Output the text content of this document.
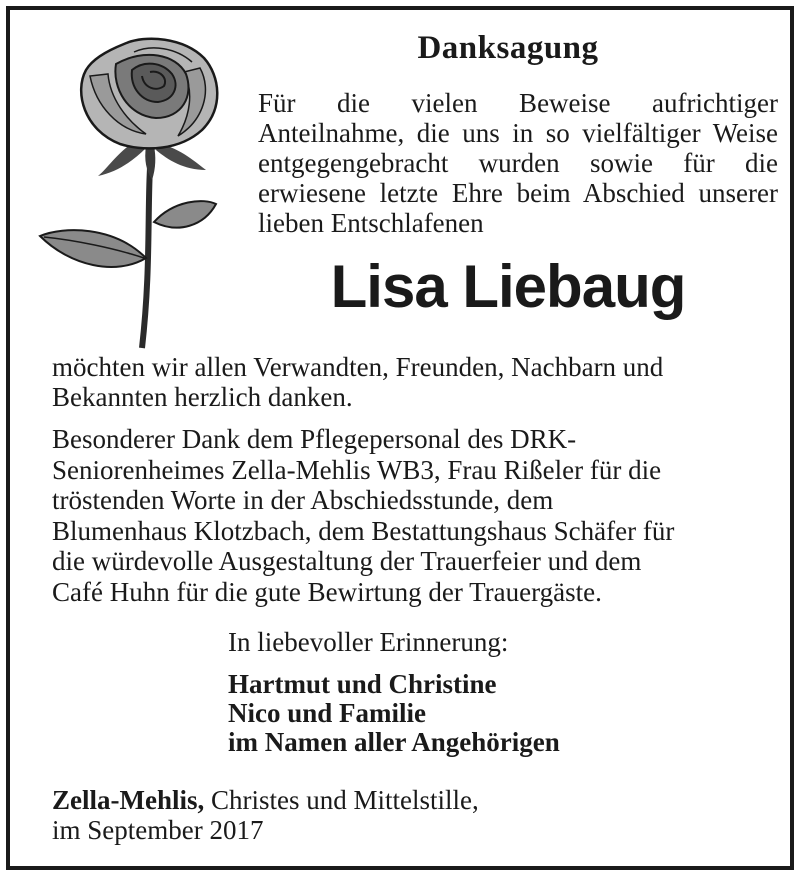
Danksagung
Für die vielen Beweise aufrichtiger Anteilnahme, die uns in so vielfältiger Weise entgegengebracht wurden sowie für die erwiesene letzte Ehre beim Abschied unserer lieben Entschlafenen
Lisa Liebaug
möchten wir allen Verwandten, Freunden, Nachbarn und
Bekannten herzlich danken.
Besonderer Dank dem Pflegepersonal des DRK-
Seniorenheimes Zella-Mehlis WB3, Frau Rißeler für die
tröstenden Worte in der Abschiedsstunde, dem
Blumenhaus Klotzbach, dem Bestattungshaus Schäfer für
die würdevolle Ausgestaltung der Trauerfeier und dem
Café Huhn für die gute Bewirtung der Trauergäste.
In liebevoller Erinnerung:
Hartmut und Christine
Nico und Familie
im Namen aller Angehörigen
Zella-Mehlis, Christes und Mittelstille,
im September 2017
